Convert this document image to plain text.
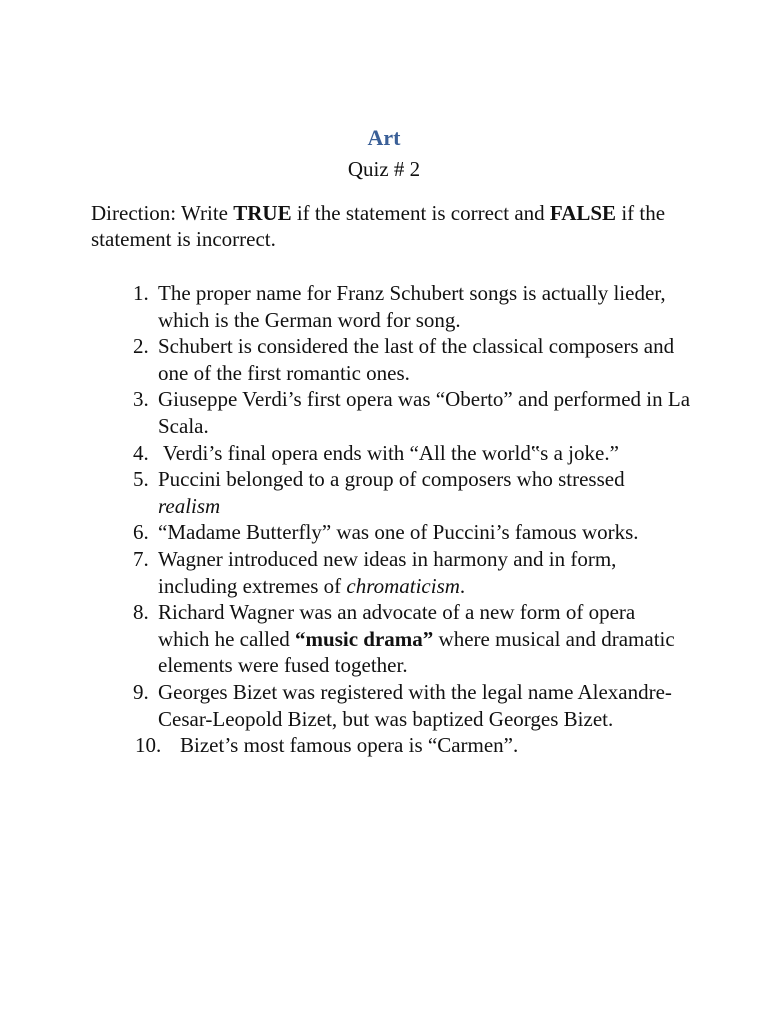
Art
Quiz # 2

Direction: Write TRUE if the statement is correct and FALSE if the statement is incorrect.

1. The proper name for Franz Schubert songs is actually lieder, which is the German word for song.
2. Schubert is considered the last of the classical composers and one of the first romantic ones.
3. Giuseppe Verdi’s first opera was “Oberto” and performed in La Scala.
4. Verdi’s final opera ends with “All the world‟s a joke.”
5. Puccini belonged to a group of composers who stressed realism
6. “Madame Butterfly” was one of Puccini’s famous works.
7. Wagner introduced new ideas in harmony and in form, including extremes of chromaticism.
8. Richard Wagner was an advocate of a new form of opera which he called “music drama” where musical and dramatic elements were fused together.
9. Georges Bizet was registered with the legal name Alexandre-Cesar-Leopold Bizet, but was baptized Georges Bizet.
10. Bizet’s most famous opera is “Carmen”.
